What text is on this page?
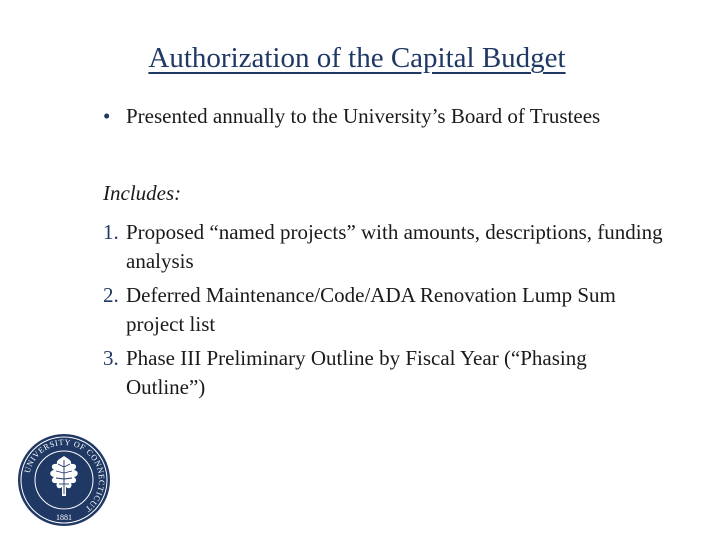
Authorization of the Capital Budget
• Presented annually to the University’s Board of Trustees
Includes:
1. Proposed “named projects” with amounts, descriptions, funding analysis
2. Deferred Maintenance/Code/ADA Renovation Lump Sum project list
3. Phase III Preliminary Outline by Fiscal Year (“Phasing Outline”)
UNIVERSITY OF CONNECTICUT
1881
